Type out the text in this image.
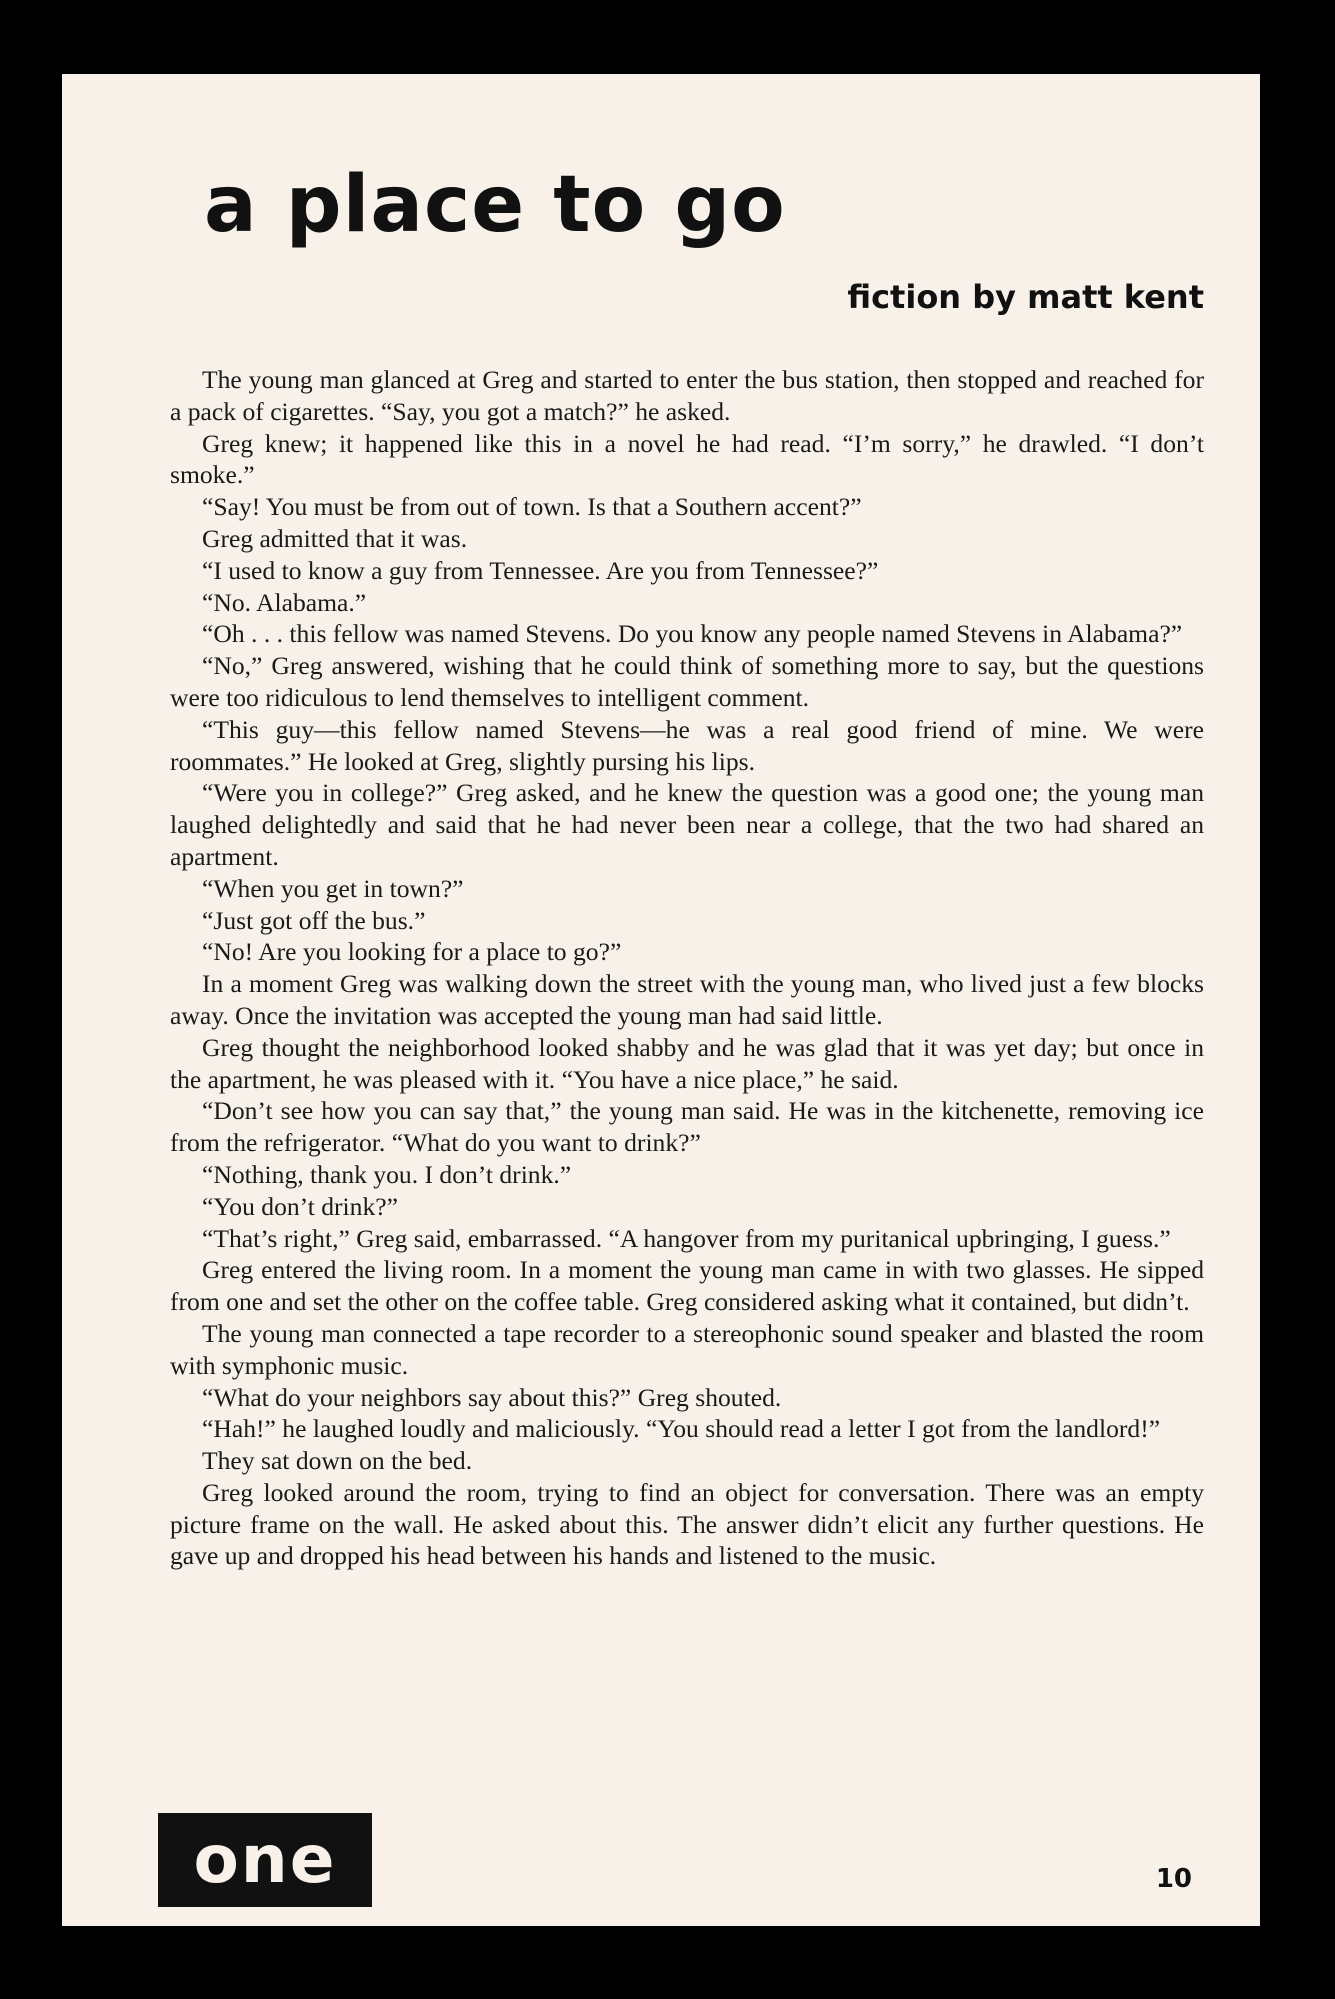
a place to go
fiction by matt kent

The young man glanced at Greg and started to enter the bus station, then stopped and reached for a pack of cigarettes. “Say, you got a match?” he asked.

Greg knew; it happened like this in a novel he had read. “I’m sorry,” he drawled. “I don’t smoke.”

“Say! You must be from out of town. Is that a Southern accent?”

Greg admitted that it was.

“I used to know a guy from Tennessee. Are you from Tennessee?”

“No. Alabama.”

“Oh . . . this fellow was named Stevens. Do you know any people named Stevens in Alabama?”

“No,” Greg answered, wishing that he could think of something more to say, but the questions were too ridiculous to lend themselves to intelligent comment.

“This guy—this fellow named Stevens—he was a real good friend of mine. We were roommates.” He looked at Greg, slightly pursing his lips.

“Were you in college?” Greg asked, and he knew the question was a good one; the young man laughed delightedly and said that he had never been near a college, that the two had shared an apartment.

“When you get in town?”

“Just got off the bus.”

“No! Are you looking for a place to go?”

In a moment Greg was walking down the street with the young man, who lived just a few blocks away. Once the invitation was accepted the young man had said little.

Greg thought the neighborhood looked shabby and he was glad that it was yet day; but once in the apartment, he was pleased with it. “You have a nice place,” he said.

“Don’t see how you can say that,” the young man said. He was in the kitchenette, removing ice from the refrigerator. “What do you want to drink?”

“Nothing, thank you. I don’t drink.”

“You don’t drink?”

“That’s right,” Greg said, embarrassed. “A hangover from my puritanical upbringing, I guess.”

Greg entered the living room. In a moment the young man came in with two glasses. He sipped from one and set the other on the coffee table. Greg considered asking what it contained, but didn’t.

The young man connected a tape recorder to a stereophonic sound speaker and blasted the room with symphonic music.

“What do your neighbors say about this?” Greg shouted.

“Hah!” he laughed loudly and maliciously. “You should read a letter I got from the landlord!”

They sat down on the bed.

Greg looked around the room, trying to find an object for conversation. There was an empty picture frame on the wall. He asked about this. The answer didn’t elicit any further questions. He gave up and dropped his head between his hands and listened to the music.

one	10
